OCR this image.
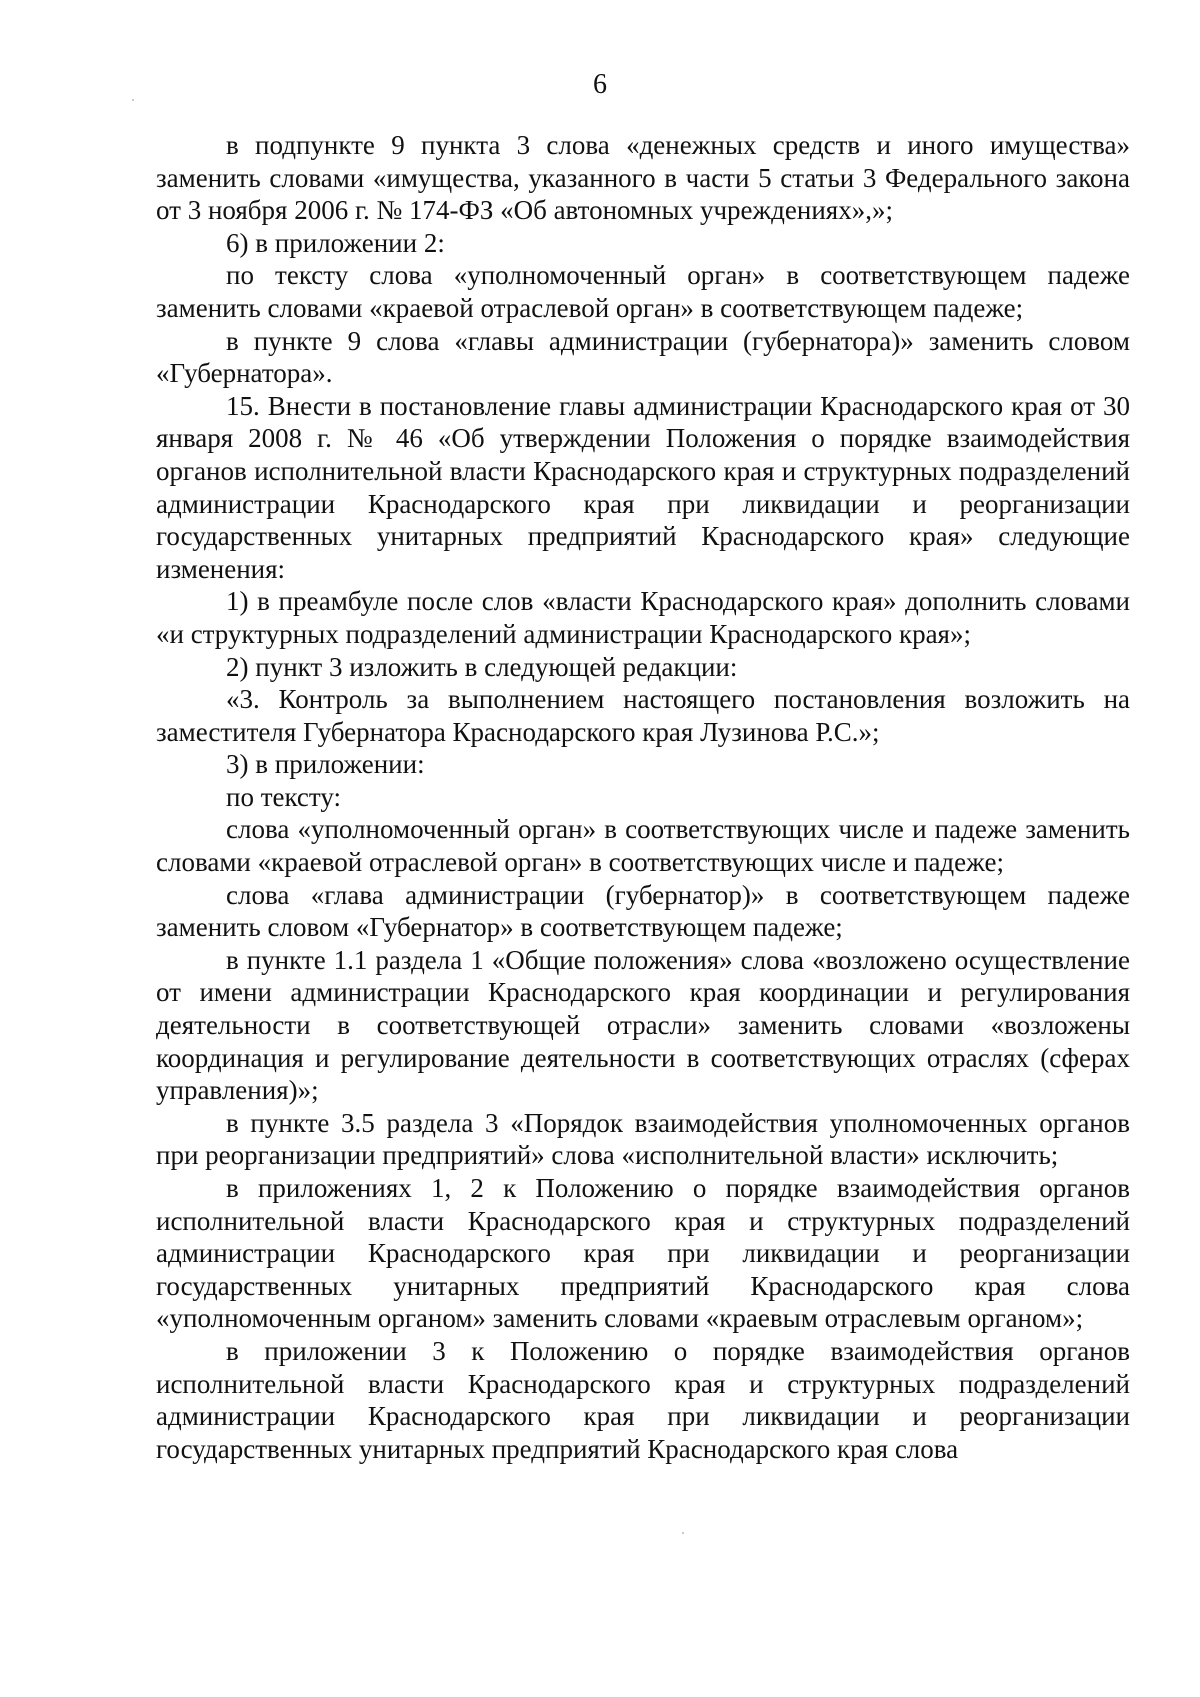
6

в подпункте 9 пункта 3 слова «денежных средств и иного имущества» заменить словами «имущества, указанного в части 5 статьи 3 Федерального закона от 3 ноября 2006 г. № 174-ФЗ «Об автономных учреждениях»,»;

6) в приложении 2:

по тексту слова «уполномоченный орган» в соответствующем падеже заменить словами «краевой отраслевой орган» в соответствующем падеже;

в пункте 9 слова «главы администрации (губернатора)» заменить словом «Губернатора».

15. Внести в постановление главы администрации Краснодарского края от 30 января 2008 г. № 46 «Об утверждении Положения о порядке взаимодействия органов исполнительной власти Краснодарского края и структурных подразделений администрации Краснодарского края при ликвидации и реорганизации государственных унитарных предприятий Краснодарского края» следующие изменения:

1) в преамбуле после слов «власти Краснодарского края» дополнить словами «и структурных подразделений администрации Краснодарского края»;

2) пункт 3 изложить в следующей редакции:

«3. Контроль за выполнением настоящего постановления возложить на заместителя Губернатора Краснодарского края Лузинова Р.С.»;

3) в приложении:

по тексту:

слова «уполномоченный орган» в соответствующих числе и падеже заменить словами «краевой отраслевой орган» в соответствующих числе и падеже;

слова «глава администрации (губернатор)» в соответствующем падеже заменить словом «Губернатор» в соответствующем падеже;

в пункте 1.1 раздела 1 «Общие положения» слова «возложено осуществление от имени администрации Краснодарского края координации и регулирования деятельности в соответствующей отрасли» заменить словами «возложены координация и регулирование деятельности в соответствующих отраслях (сферах управления)»;

в пункте 3.5 раздела 3 «Порядок взаимодействия уполномоченных органов при реорганизации предприятий» слова «исполнительной власти» исключить;

в приложениях 1, 2 к Положению о порядке взаимодействия органов исполнительной власти Краснодарского края и структурных подразделений администрации Краснодарского края при ликвидации и реорганизации государственных унитарных предприятий Краснодарского края слова «уполномоченным органом» заменить словами «краевым отраслевым органом»;

в приложении 3 к Положению о порядке взаимодействия органов исполнительной власти Краснодарского края и структурных подразделений администрации Краснодарского края при ликвидации и реорганизации государственных унитарных предприятий Краснодарского края слова
